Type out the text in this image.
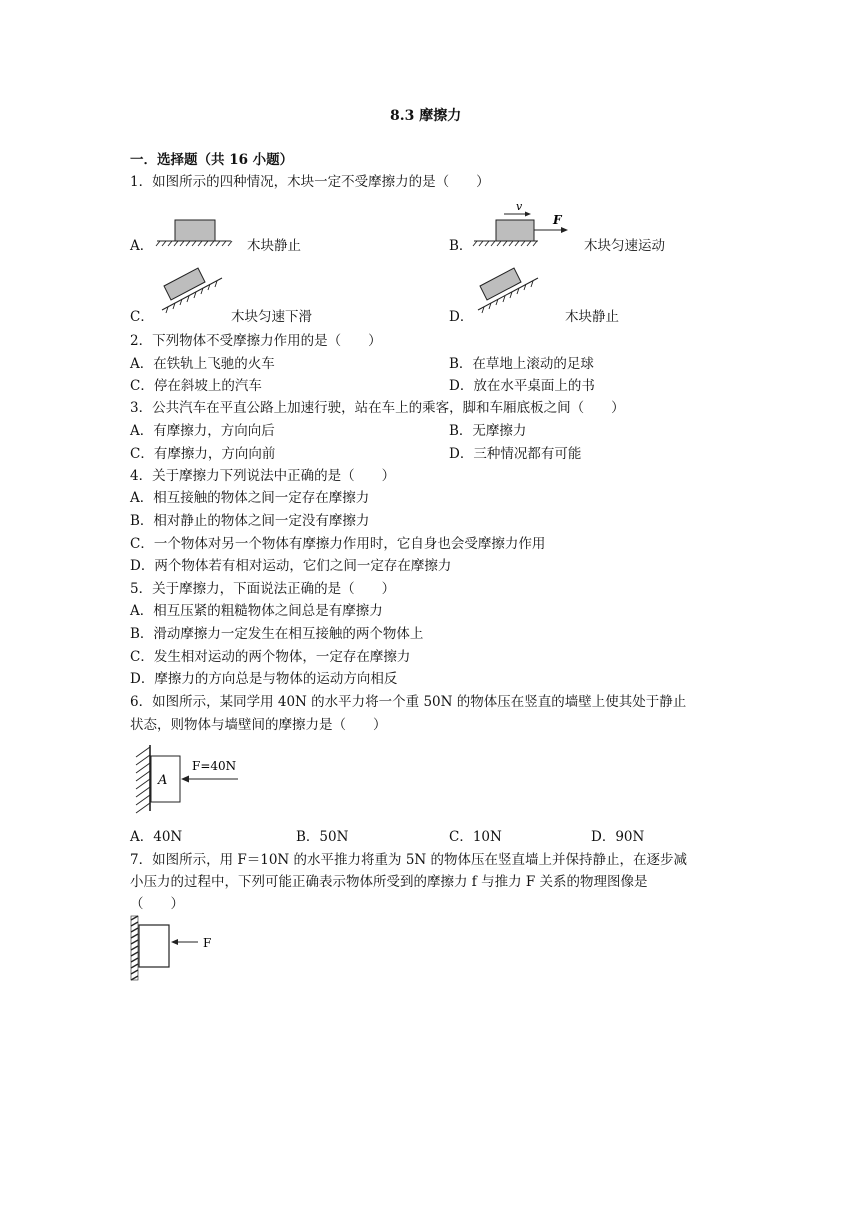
8.3 摩擦力
一．选择题（共 16 小题）
1．如图所示的四种情况，木块一定不受摩擦力的是（　　）
A．	木块静止	B．
v
F
木块匀速运动
C．	木块匀速下滑	D．	木块静止
2．下列物体不受摩擦力作用的是（　　）
A．在铁轨上飞驰的火车	B．在草地上滚动的足球
C．停在斜坡上的汽车	D．放在水平桌面上的书
3．公共汽车在平直公路上加速行驶，站在车上的乘客，脚和车厢底板之间（　　）
A．有摩擦力，方向向后	B．无摩擦力
C．有摩擦力，方向向前	D．三种情况都有可能
4．关于摩擦力下列说法中正确的是（　　）
A．相互接触的物体之间一定存在摩擦力
B．相对静止的物体之间一定没有摩擦力
C．一个物体对另一个物体有摩擦力作用时，它自身也会受摩擦力作用
D．两个物体若有相对运动，它们之间一定存在摩擦力
5．关于摩擦力，下面说法正确的是（　　）
A．相互压紧的粗糙物体之间总是有摩擦力
B．滑动摩擦力一定发生在相互接触的两个物体上
C．发生相对运动的两个物体，一定存在摩擦力
D．摩擦力的方向总是与物体的运动方向相反
6．如图所示，某同学用 40N 的水平力将一个重 50N 的物体压在竖直的墙壁上使其处于静止
状态，则物体与墙壁间的摩擦力是（　　）
A
F=40N
A．40N	B．50N	C．10N	D．90N
7．如图所示，用 F＝10N 的水平推力将重为 5N 的物体压在竖直墙上并保持静止，在逐步减
小压力的过程中，下列可能正确表示物体所受到的摩擦力 f 与推力 F 关系的物理图像是
（　　）
F
